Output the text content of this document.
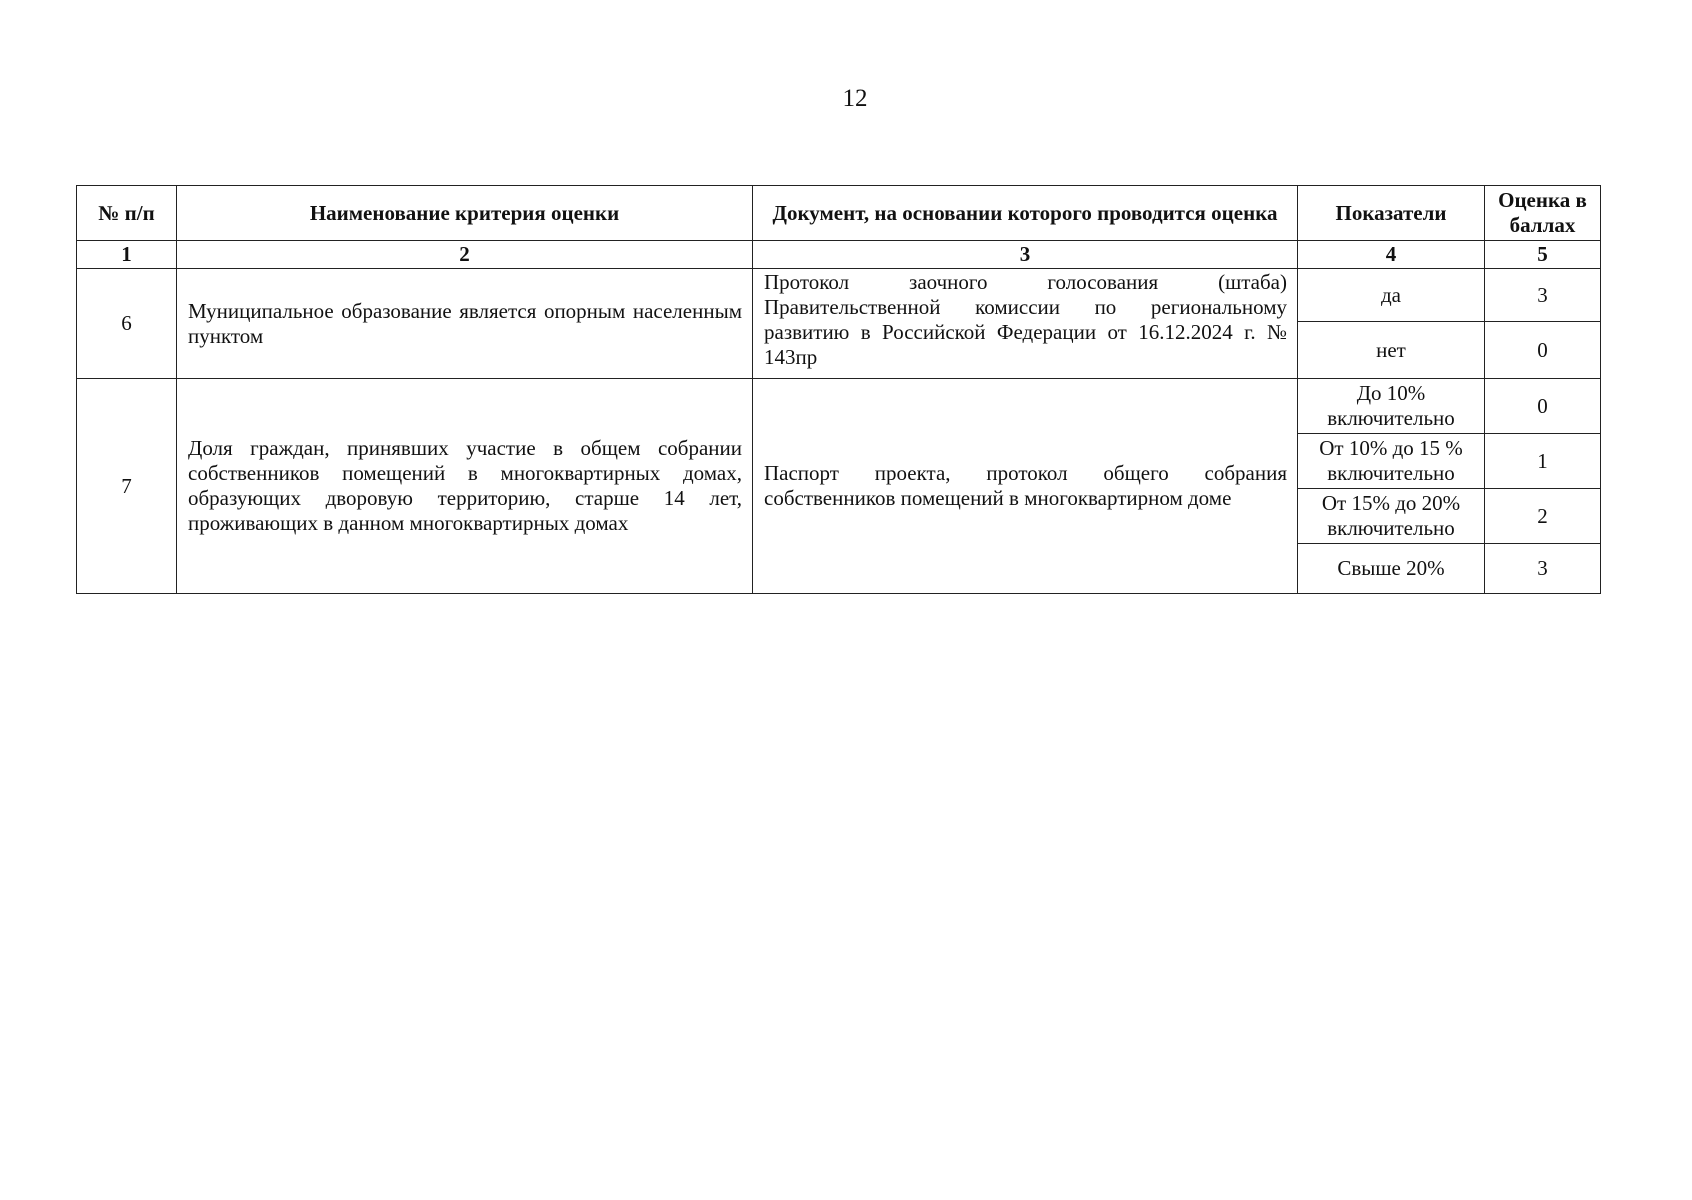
12
№ п/п	Наименование критерия оценки	Документ, на основании которого проводится оценка	Показатели	Оценка в баллах
1	2	3	4	5
6	Муниципальное образование является опорным населенным пунктом	Протокол заочного голосования (штаба) Правительственной комиссии по региональному развитию в Российской Федерации от 16.12.2024 г. № 143пр	да	3
			нет	0
7	Доля граждан, принявших участие в общем собрании собственников помещений в многоквартирных домах, образующих дворовую территорию, старше 14 лет, проживающих в данном многоквартирных домах	Паспорт проекта, протокол общего собрания собственников помещений в многоквартирном доме	До 10% включительно	0
			От 10% до 15 % включительно	1
			От 15% до 20% включительно	2
			Свыше 20%	3
